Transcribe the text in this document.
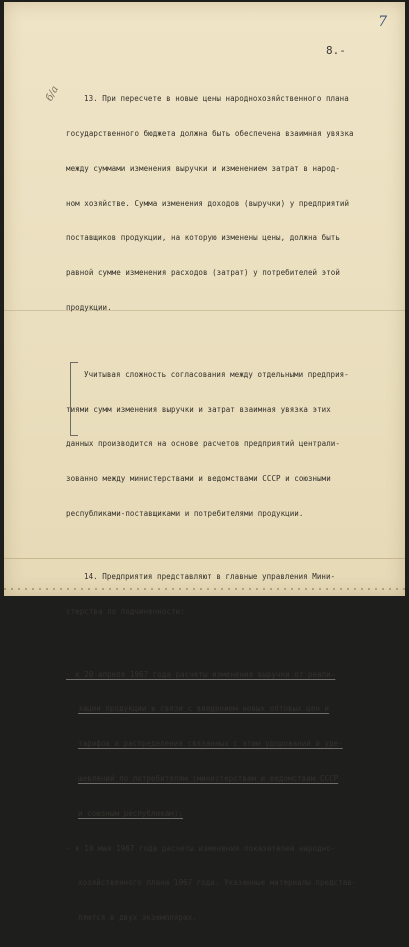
7
8.-
б/а

	13. При пересчете в новые цены народнохозяйственного плана

государственного бюджета должна быть обеспечена взаимная увязка

между суммами изменения выручки и изменением затрат в народ-

ном хозяйстве. Сумма изменения доходов (выручки) у предприятий

поставщиков продукции, на которую изменены цены, должна быть

равной сумме изменения расходов (затрат) у потребителей этой

продукции.

Учитывая сложность согласования между отдельными предприя-

тиями сумм изменения выручки и затрат взаимная увязка этих

данных производится на основе расчетов предприятий централи-

зованно между министерствами и ведомствами СССР и союзными

республиками-поставщиками и потребителями продукции.

14. Предприятия представляют в главные управления Мини-

стерства по подчиненности:

- к 20 апреля 1967 года расчеты изменения выручки от реали-

зации продукции в связи с введением новых оптовых цен и

тарифов и распределения связанных с этим удорожаний и уде-

шевлений по потребителям (министерствам и ведомствам СССР

и союзным республикам);

- к 10 мая 1967 года расчеты изменения показателей народно-

хозяйственного плана 1967 года. Указанные материалы представ-

ляются в двух экземплярах.
